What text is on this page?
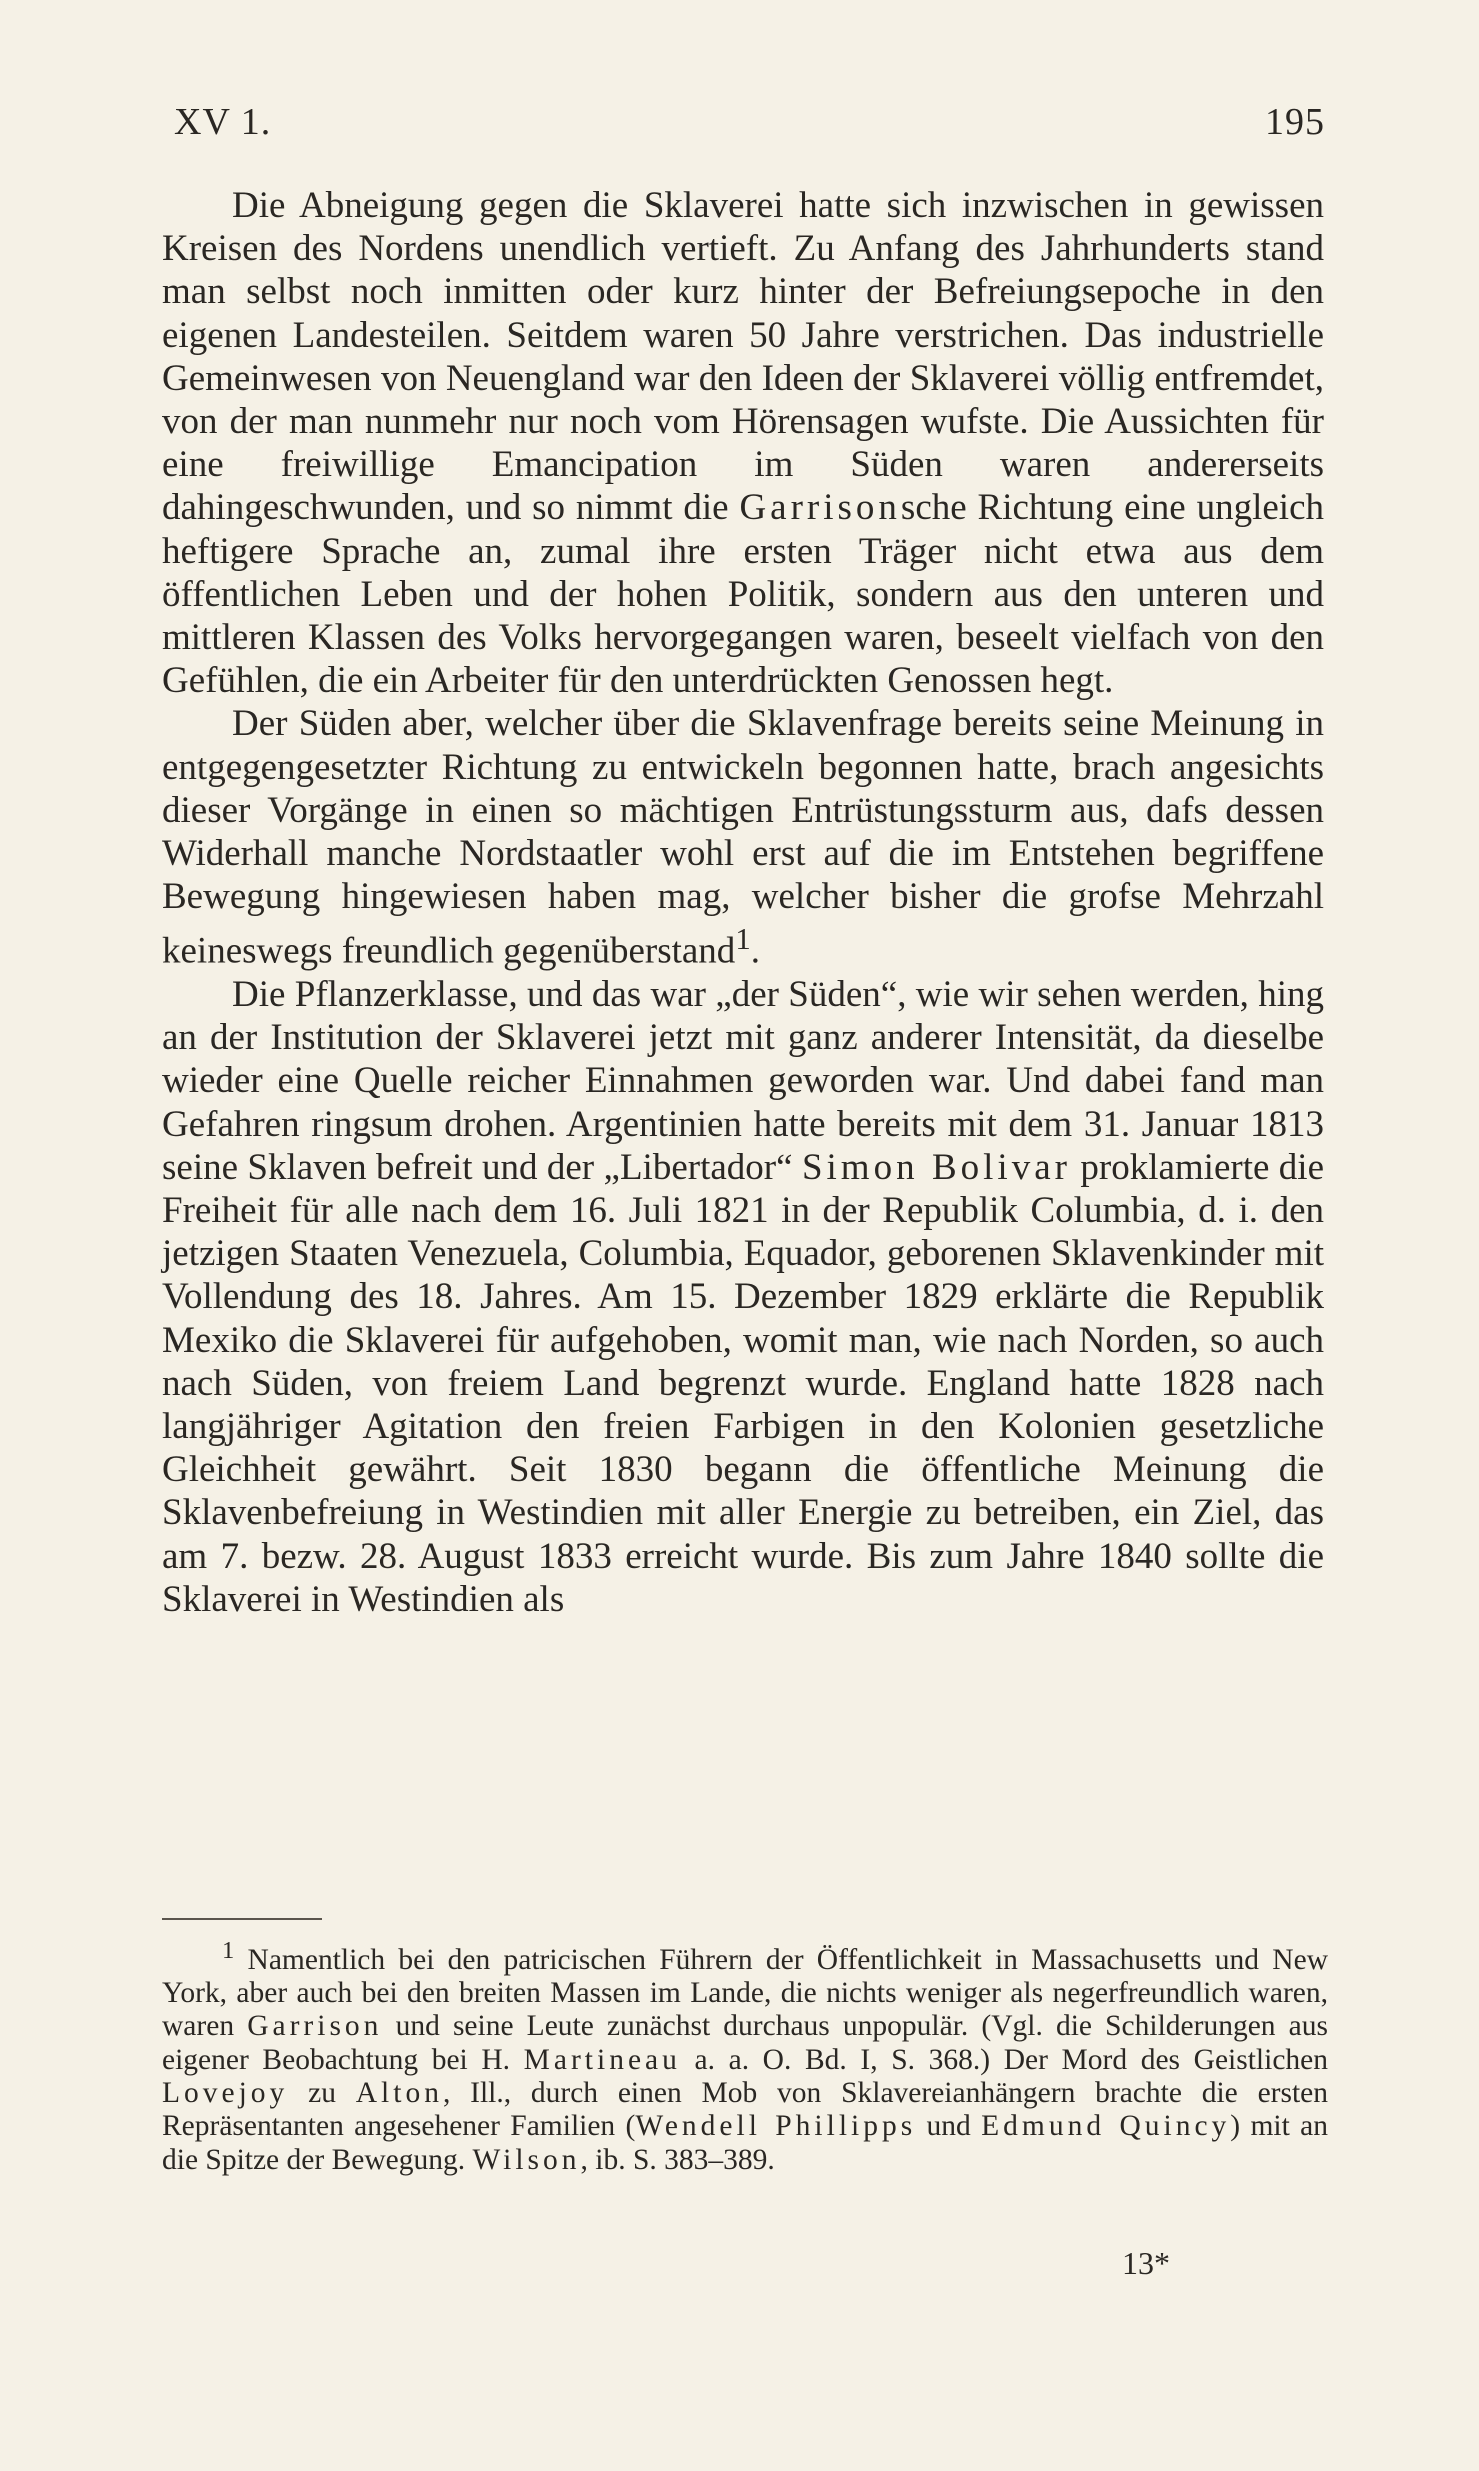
XV 1.	195

Die Abneigung gegen die Sklaverei hatte sich inzwischen in gewissen Kreisen des Nordens unendlich vertieft. Zu Anfang des Jahrhunderts stand man selbst noch inmitten oder kurz hinter der Befreiungsepoche in den eigenen Landesteilen. Seitdem waren 50 Jahre verstrichen. Das industrielle Gemeinwesen von Neuengland war den Ideen der Sklaverei völlig entfremdet, von der man nunmehr nur noch vom Hörensagen wufste. Die Aussichten für eine freiwillige Emancipation im Süden waren andererseits dahingeschwunden, und so nimmt die Garrisonsche Richtung eine ungleich heftigere Sprache an, zumal ihre ersten Träger nicht etwa aus dem öffentlichen Leben und der hohen Politik, sondern aus den unteren und mittleren Klassen des Volks hervorgegangen waren, beseelt vielfach von den Gefühlen, die ein Arbeiter für den unterdrückten Genossen hegt.

Der Süden aber, welcher über die Sklavenfrage bereits seine Meinung in entgegengesetzter Richtung zu entwickeln begonnen hatte, brach angesichts dieser Vorgänge in einen so mächtigen Entrüstungssturm aus, dafs dessen Widerhall manche Nordstaatler wohl erst auf die im Entstehen begriffene Bewegung hingewiesen haben mag, welcher bisher die grofse Mehrzahl keineswegs freundlich gegenüberstand$^1$.

Die Pflanzerklasse, und das war „der Süden“, wie wir sehen werden, hing an der Institution der Sklaverei jetzt mit ganz anderer Intensität, da dieselbe wieder eine Quelle reicher Einnahmen geworden war. Und dabei fand man Gefahren ringsum drohen. Argentinien hatte bereits mit dem 31. Januar 1813 seine Sklaven befreit und der „Libertador“ Simon Bolivar proklamierte die Freiheit für alle nach dem 16. Juli 1821 in der Republik Columbia, d. i. den jetzigen Staaten Venezuela, Columbia, Equador, geborenen Sklavenkinder mit Vollendung des 18. Jahres. Am 15. Dezember 1829 erklärte die Republik Mexiko die Sklaverei für aufgehoben, womit man, wie nach Norden, so auch nach Süden, von freiem Land begrenzt wurde. England hatte 1828 nach langjähriger Agitation den freien Farbigen in den Kolonien gesetzliche Gleichheit gewährt. Seit 1830 begann die öffentliche Meinung die Sklavenbefreiung in Westindien mit aller Energie zu betreiben, ein Ziel, das am 7. bezw. 28. August 1833 erreicht wurde. Bis zum Jahre 1840 sollte die Sklaverei in Westindien als

$^1$ Namentlich bei den patricischen Führern der Öffentlichkeit in Massachusetts und New York, aber auch bei den breiten Massen im Lande, die nichts weniger als negerfreundlich waren, waren Garrison und seine Leute zunächst durchaus unpopulär. (Vgl. die Schilderungen aus eigener Beobachtung bei H. Martineau a. a. O. Bd. I, S. 368.) Der Mord des Geistlichen Lovejoy zu Alton, Ill., durch einen Mob von Sklavereianhängern brachte die ersten Repräsentanten angesehener Familien (Wendell Phillipps und Edmund Quincy) mit an die Spitze der Bewegung. Wilson, ib. S. 383–389.

13*
